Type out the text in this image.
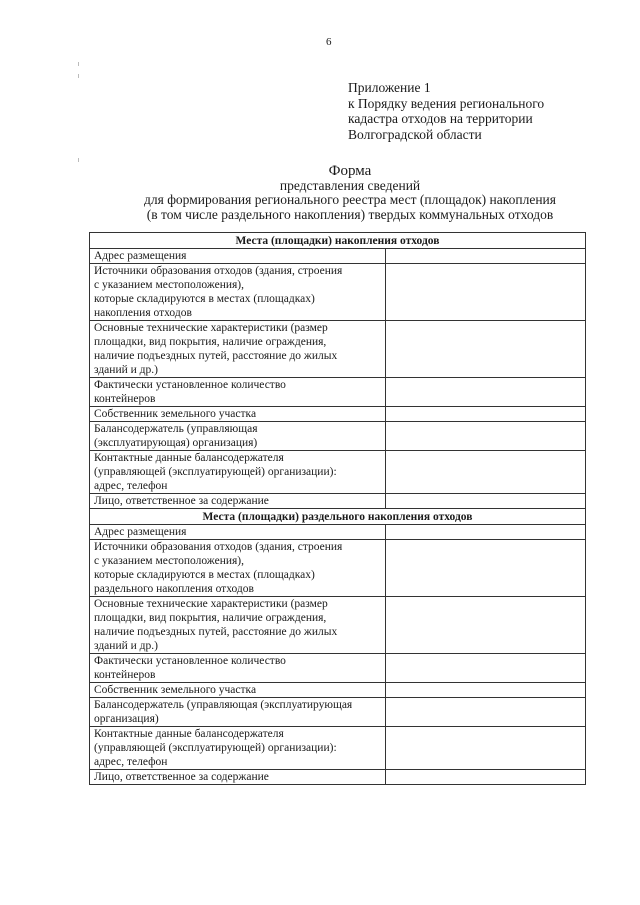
6
Приложение 1
к Порядку ведения регионального
кадастра отходов на территории
Волгоградской области
Форма
представления сведений
для формирования регионального реестра мест (площадок) накопления
(в том числе раздельного накопления) твердых коммунальных отходов
Места (площадки) накопления отходов	

Адрес размещения	

Источники образования отходов (здания, строения
с указанием местоположения),
которые складируются в местах (площадках)
накопления отходов	

Основные технические характеристики (размер
площадки, вид покрытия, наличие ограждения,
наличие подъездных путей, расстояние до жилых
зданий и др.)	

Фактически установленное количество
контейнеров	

Собственник земельного участка	

Балансодержатель (управляющая
(эксплуатирующая) организация)	

Контактные данные балансодержателя
(управляющей (эксплуатирующей) организации):
адрес, телефон	

Лицо, ответственное за содержание	

Места (площадки) раздельного накопления отходов	

Адрес размещения	

Источники образования отходов (здания, строения
с указанием местоположения),
которые складируются в местах (площадках)
раздельного накопления отходов	

Основные технические характеристики (размер
площадки, вид покрытия, наличие ограждения,
наличие подъездных путей, расстояние до жилых
зданий и др.)	

Фактически установленное количество
контейнеров	

Собственник земельного участка	

Балансодержатель (управляющая (эксплуатирующая
организация)	

Контактные данные балансодержателя
(управляющей (эксплуатирующей) организации):
адрес, телефон	

Лицо, ответственное за содержание	
